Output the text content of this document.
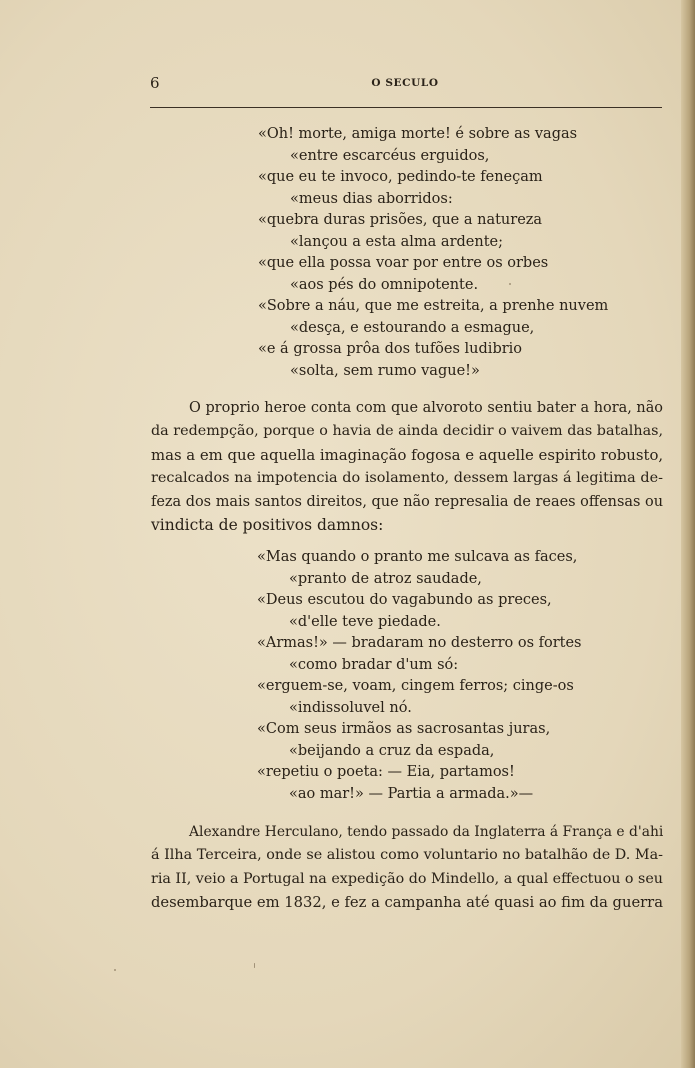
6	O SECULO
«Oh! morte, amiga morte! é sobre as vagas
«entre escarcéus erguidos,
«que eu te invoco, pedindo-te feneçam
«meus dias aborridos:
«quebra duras prisões, que a natureza
«lançou a esta alma ardente;
«que ella possa voar por entre os orbes
«aos pés do omnipotente.
«Sobre a náu, que me estreita, a prenhe nuvem
«desça, e estourando a esmague,
«e á grossa prôa dos tufões ludibrio
«solta, sem rumo vague!»
O proprio heroe conta com que alvoroto sentiu bater a hora, não
da redempção, porque o havia de ainda decidir o vaivem das batalhas,
mas a em que aquella imaginação fogosa e aquelle espirito robusto,
recalcados na impotencia do isolamento, dessem largas á legitima de-
feza dos mais santos direitos, que não represalia de reaes offensas ou
vindicta de positivos damnos:
«Mas quando o pranto me sulcava as faces,
«pranto de atroz saudade,
«Deus escutou do vagabundo as preces,
«d'elle teve piedade.
«Armas!» — bradaram no desterro os fortes
«como bradar d'um só:
«erguem-se, voam, cingem ferros; cinge-os
«indissoluvel nó.
«Com seus irmãos as sacrosantas juras,
«beijando a cruz da espada,
«repetiu o poeta: — Eia, partamos!
«ao mar!» — Partia a armada.»—
Alexandre Herculano, tendo passado da Inglaterra á França e d'ahi
á Ilha Terceira, onde se alistou como voluntario no batalhão de D. Ma-
ria II, veio a Portugal na expedição do Mindello, a qual effectuou o seu
desembarque em 1832, e fez a campanha até quasi ao fim da guerra
